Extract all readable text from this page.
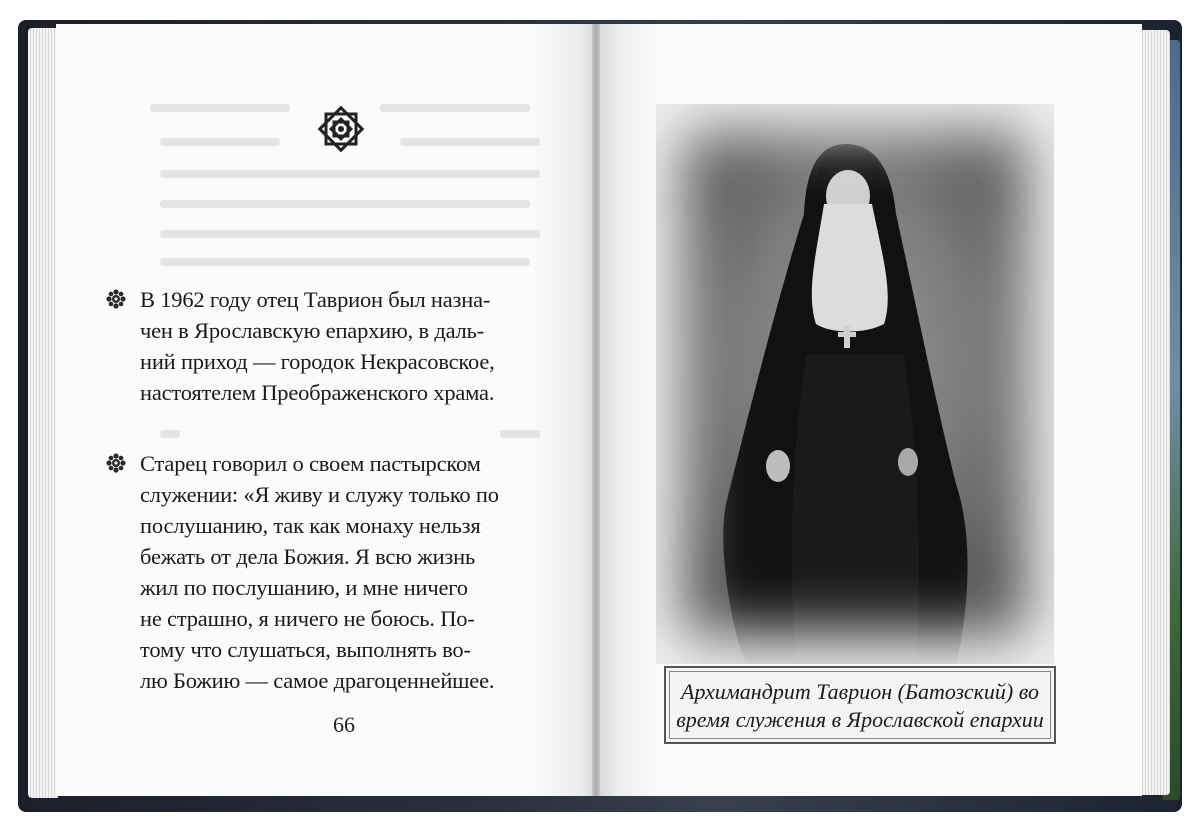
В 1962 году отец Таврион был назна-
чен в Ярославскую епархию, в даль-
ний приход — городок Некрасовское,
настоятелем Преображенского храма.
Старец говорил о своем пастырском
служении: «Я живу и служу только по
послушанию, так как монаху нельзя
бежать от дела Божия. Я всю жизнь
жил по послушанию, и мне ничего
не страшно, я ничего не боюсь. По-
тому что слушаться, выполнять во-
лю Божию — самое драгоценнейшее.
66
Архимандрит Таврион (Батозский) во
время служения в Ярославской епархии
